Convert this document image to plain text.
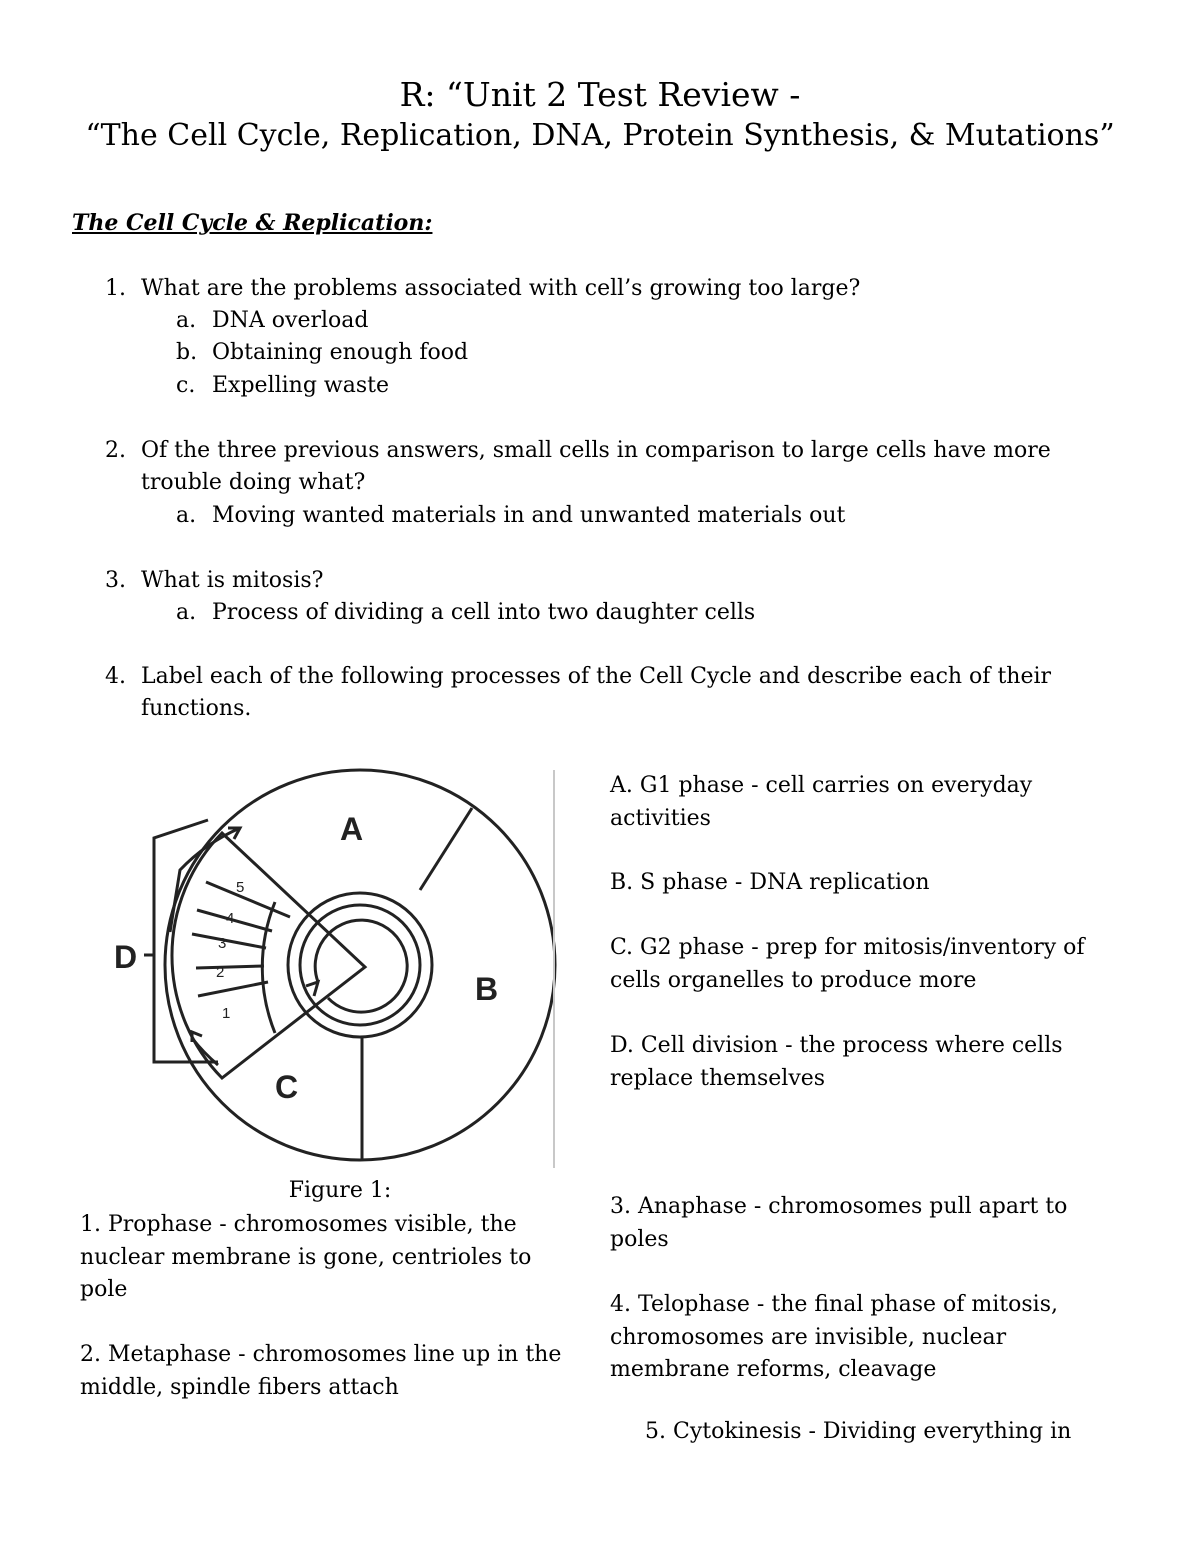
R: “Unit 2 Test Review -
“The Cell Cycle, Replication, DNA, Protein Synthesis, & Mutations”
The Cell Cycle & Replication:
1. What are the problems associated with cell’s growing too large?
a. DNA overload
b. Obtaining enough food
c. Expelling waste
2. Of the three previous answers, small cells in comparison to large cells have more
trouble doing what?
a. Moving wanted materials in and unwanted materials out
3. What is mitosis?
a. Process of dividing a cell into two daughter cells
4. Label each of the following processes of the Cell Cycle and describe each of their
functions.
A
B
C
D
5
4
3
2
1
A. G1 phase - cell carries on everyday activities
B. S phase - DNA replication
C. G2 phase - prep for mitosis/inventory of cells organelles to produce more
D. Cell division - the process where cells replace themselves
Figure 1:
1. Prophase - chromosomes visible, the nuclear membrane is gone, centrioles to pole
2. Metaphase - chromosomes line up in the middle, spindle fibers attach
3. Anaphase - chromosomes pull apart to poles
4. Telophase - the final phase of mitosis, chromosomes are invisible, nuclear membrane reforms, cleavage
5. Cytokinesis - Dividing everything in
